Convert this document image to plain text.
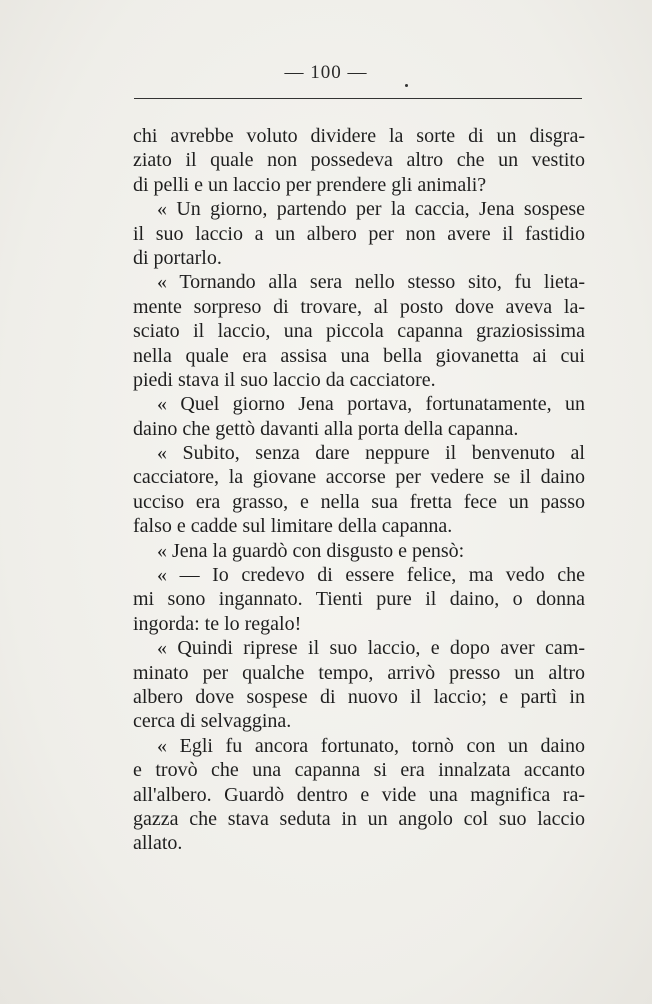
— 100 —
chi avrebbe voluto dividere la sorte di un disgra-
ziato il quale non possedeva altro che un vestito
di pelli e un laccio per prendere gli animali?
« Un giorno, partendo per la caccia, Jena sospese
il suo laccio a un albero per non avere il fastidio
di portarlo.
« Tornando alla sera nello stesso sito, fu lieta-
mente sorpreso di trovare, al posto dove aveva la-
sciato il laccio, una piccola capanna graziosissima
nella quale era assisa una bella giovanetta ai cui
piedi stava il suo laccio da cacciatore.
« Quel giorno Jena portava, fortunatamente, un
daino che gettò davanti alla porta della capanna.
« Subito, senza dare neppure il benvenuto al
cacciatore, la giovane accorse per vedere se il daino
ucciso era grasso, e nella sua fretta fece un passo
falso e cadde sul limitare della capanna.
« Jena la guardò con disgusto e pensò:
« — Io credevo di essere felice, ma vedo che
mi sono ingannato. Tienti pure il daino, o donna
ingorda: te lo regalo!
« Quindi riprese il suo laccio, e dopo aver cam-
minato per qualche tempo, arrivò presso un altro
albero dove sospese di nuovo il laccio; e partì in
cerca di selvaggina.
« Egli fu ancora fortunato, tornò con un daino
e trovò che una capanna si era innalzata accanto
all'albero. Guardò dentro e vide una magnifica ra-
gazza che stava seduta in un angolo col suo laccio
allato.
